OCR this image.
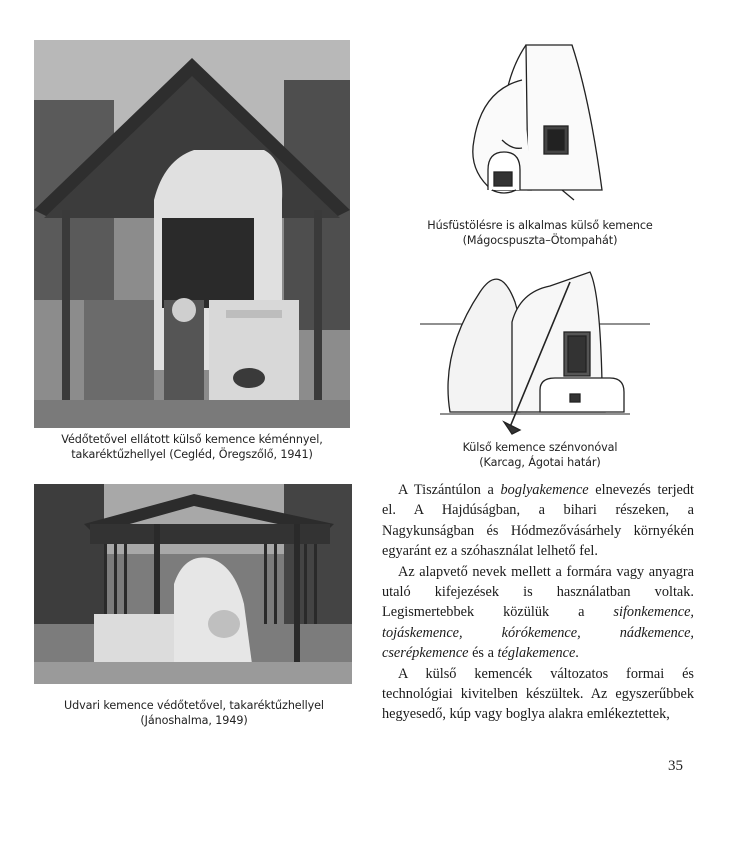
Védőtetővel ellátott külső kemence kéménnyel,
takaréktűzhellyel (Cegléd, Öregszőlő, 1941)
Húsfüstölésre is alkalmas külső kemence
(Mágocspuszta–Ötompahát)
Külső kemence szénvonóval
(Karcag, Ágotai határ)
Udvari kemence védőtetővel, takaréktűzhellyel
(Jánoshalma, 1949)

A Tiszántúlon a boglyakemence elnevezés terjedt el. A Hajdúságban, a bihari részeken, a Nagykunságban és Hódmezővásárhely környékén egyaránt ez a szóhasználat lelhető fel.

Az alapvető nevek mellett a formára vagy anyagra utaló kifejezések is használatban voltak. Legismertebbek közülük a sifonkemence, tojáskemence, kórókemence, nádkemence, cserépkemence és a téglakemence.

A külső kemencék változatos formai és technológiai kivitelben készültek. Az egyszerűbbek hegyesedő, kúp vagy boglya alakra emlékeztettek,

35
